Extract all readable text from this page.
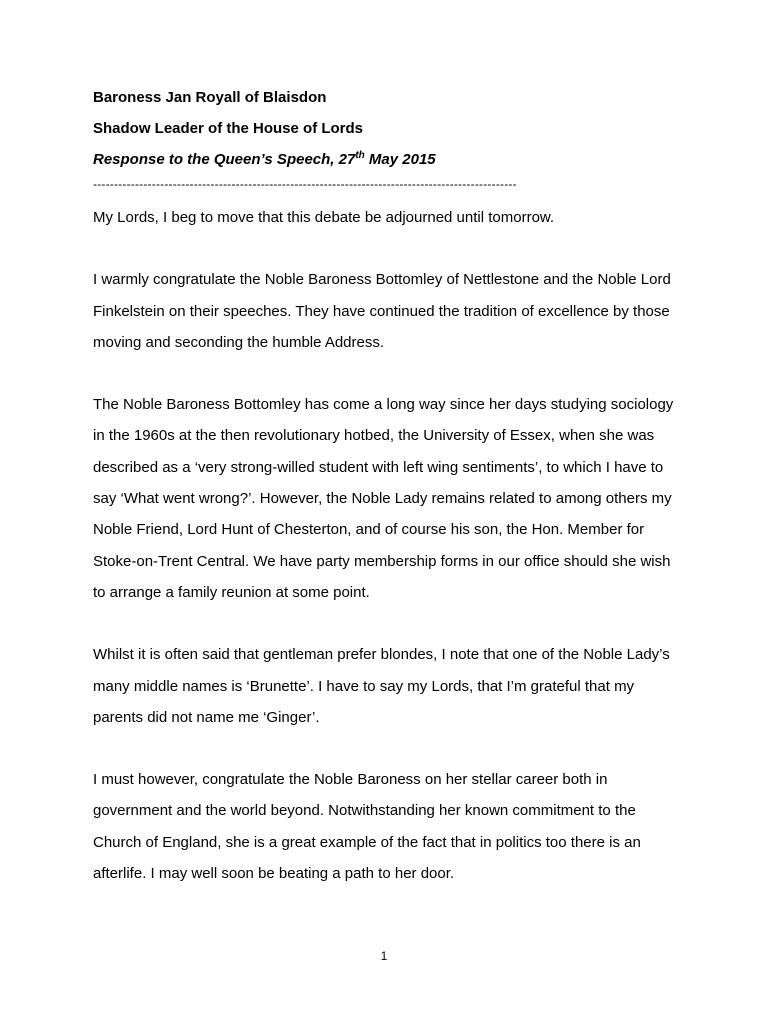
Baroness Jan Royall of Blaisdon
Shadow Leader of the House of Lords
Response to the Queen’s Speech, 27th May 2015
-----------------------------------------------------------------------------------------------------

My Lords, I beg to move that this debate be adjourned until tomorrow.

I warmly congratulate the Noble Baroness Bottomley of Nettlestone and the Noble Lord Finkelstein on their speeches. They have continued the tradition of excellence by those moving and seconding the humble Address.

The Noble Baroness Bottomley has come a long way since her days studying sociology in the 1960s at the then revolutionary hotbed, the University of Essex, when she was described as a ‘very strong-willed student with left wing sentiments’, to which I have to say ‘What went wrong?’. However, the Noble Lady remains related to among others my Noble Friend, Lord Hunt of Chesterton, and of course his son, the Hon. Member for Stoke-on-Trent Central. We have party membership forms in our office should she wish to arrange a family reunion at some point.

Whilst it is often said that gentleman prefer blondes, I note that one of the Noble Lady’s many middle names is ‘Brunette’. I have to say my Lords, that I’m grateful that my parents did not name me ‘Ginger’.

I must however, congratulate the Noble Baroness on her stellar career both in government and the world beyond. Notwithstanding her known commitment to the Church of England, she is a great example of the fact that in politics too there is an afterlife. I may well soon be beating a path to her door.

1
